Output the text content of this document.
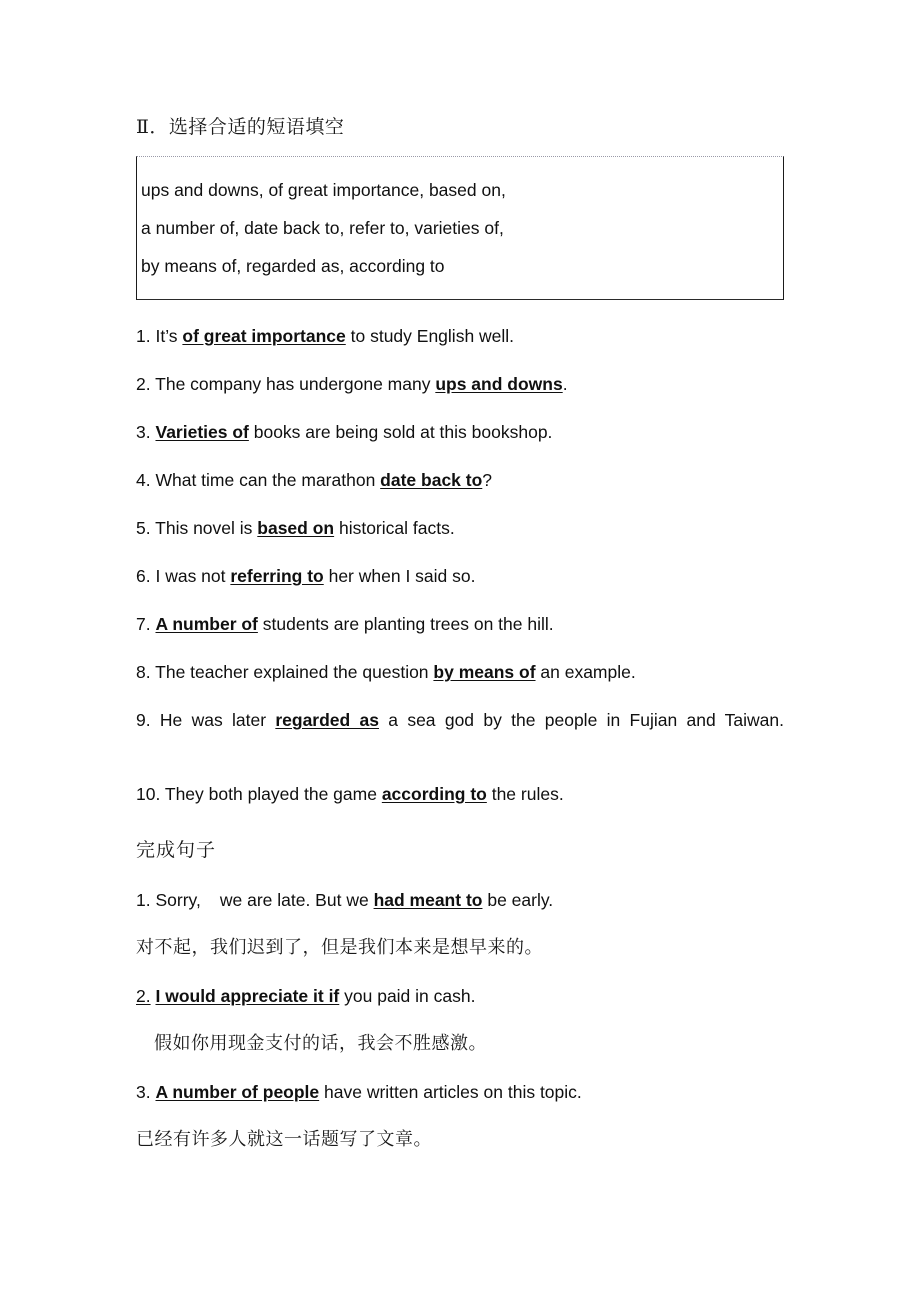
Ⅱ．选择合适的短语填空
ups and downs, of great importance, based on,
a number of, date back to, refer to, varieties of,
by means of, regarded as, according to

1. It’s of great importance to study English well.

2. The company has undergone many ups and downs.

3. Varieties of books are being sold at this bookshop.

4. What time can the marathon date back to?

5. This novel is based on historical facts.

6. I was not referring to her when I said so.

7. A number of students are planting trees on the hill.

8. The teacher explained the question by means of an example.

9. He was later regarded as a sea god by the people in Fujian and Taiwan.

10. They both played the game according to the rules.

完成句子

1. Sorry, we are late. But we had meant to be early.

对不起，我们迟到了，但是我们本来是想早来的。

2. I would appreciate it if you paid in cash.

假如你用现金支付的话，我会不胜感激。

3. A number of people have written articles on this topic.

已经有许多人就这一话题写了文章。
